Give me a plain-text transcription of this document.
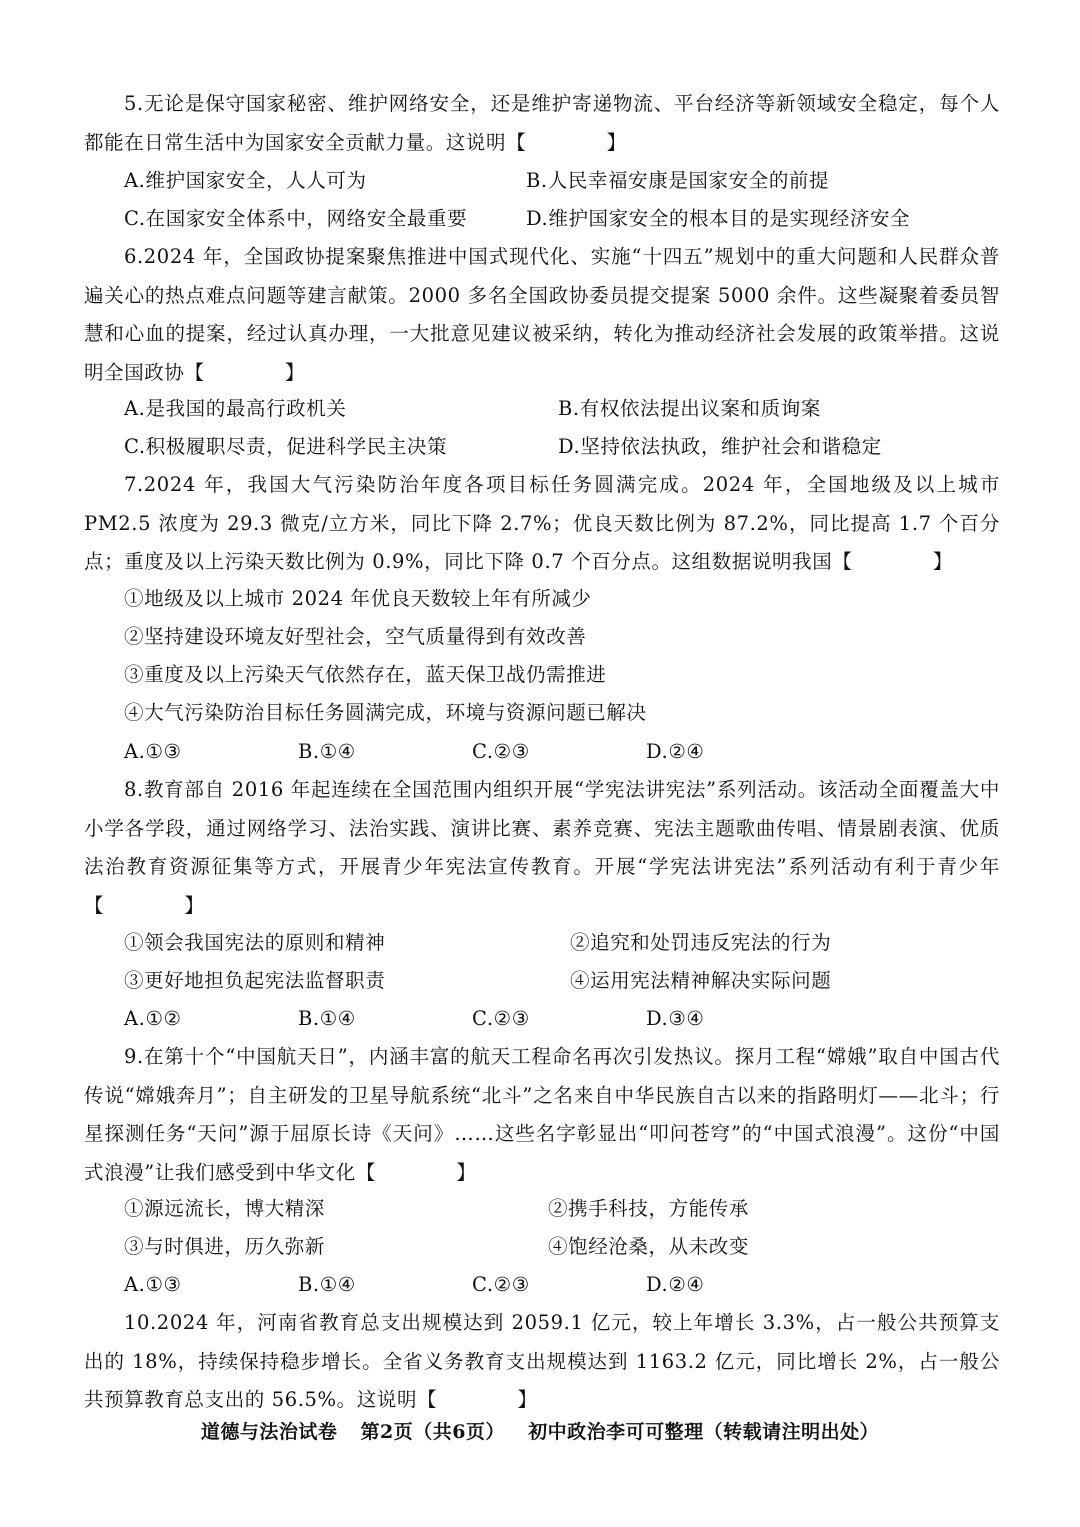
5.无论是保守国家秘密、维护网络安全，还是维护寄递物流、平台经济等新领域安全稳定，每个人都能在日常生活中为国家安全贡献力量。这说明【　　　　】
A.维护国家安全，人人可为	B.人民幸福安康是国家安全的前提
C.在国家安全体系中，网络安全最重要	D.维护国家安全的根本目的是实现经济安全
6.2024 年，全国政协提案聚焦推进中国式现代化、实施“十四五”规划中的重大问题和人民群众普遍关心的热点难点问题等建言献策。2000 多名全国政协委员提交提案 5000 余件。这些凝聚着委员智慧和心血的提案，经过认真办理，一大批意见建议被采纳，转化为推动经济社会发展的政策举措。这说明全国政协【　　　　】
A.是我国的最高行政机关	B.有权依法提出议案和质询案
C.积极履职尽责，促进科学民主决策	D.坚持依法执政，维护社会和谐稳定
7.2024 年，我国大气污染防治年度各项目标任务圆满完成。2024 年，全国地级及以上城市PM2.5 浓度为 29.3 微克/立方米，同比下降 2.7%；优良天数比例为 87.2%，同比提高 1.7 个百分点；重度及以上污染天数比例为 0.9%，同比下降 0.7 个百分点。这组数据说明我国【　　　　】
①地级及以上城市 2024 年优良天数较上年有所减少
②坚持建设环境友好型社会，空气质量得到有效改善
③重度及以上污染天气依然存在，蓝天保卫战仍需推进
④大气污染防治目标任务圆满完成，环境与资源问题已解决
A.①③	B.①④	C.②③	D.②④
8.教育部自 2016 年起连续在全国范围内组织开展“学宪法讲宪法”系列活动。该活动全面覆盖大中小学各学段，通过网络学习、法治实践、演讲比赛、素养竞赛、宪法主题歌曲传唱、情景剧表演、优质法治教育资源征集等方式，开展青少年宪法宣传教育。开展“学宪法讲宪法”系列活动有利于青少年【　　　　】
①领会我国宪法的原则和精神	②追究和处罚违反宪法的行为
③更好地担负起宪法监督职责	④运用宪法精神解决实际问题
A.①②	B.①④	C.②③	D.③④
9.在第十个“中国航天日”，内涵丰富的航天工程命名再次引发热议。探月工程“嫦娥”取自中国古代传说“嫦娥奔月”；自主研发的卫星导航系统“北斗”之名来自中华民族自古以来的指路明灯——北斗；行星探测任务“天问”源于屈原长诗《天问》……这些名字彰显出“叩问苍穹”的“中国式浪漫”。这份“中国式浪漫”让我们感受到中华文化【　　　　】
①源远流长，博大精深	②携手科技，方能传承
③与时俱进，历久弥新	④饱经沧桑，从未改变
A.①③	B.①④	C.②③	D.②④
10.2024 年，河南省教育总支出规模达到 2059.1 亿元，较上年增长 3.3%，占一般公共预算支出的 18%，持续保持稳步增长。全省义务教育支出规模达到 1163.2 亿元，同比增长 2%，占一般公共预算教育总支出的 56.5%。这说明【　　　　】
道德与法治试卷 第2页（共6页） 初中政治李可可整理（转载请注明出处）
